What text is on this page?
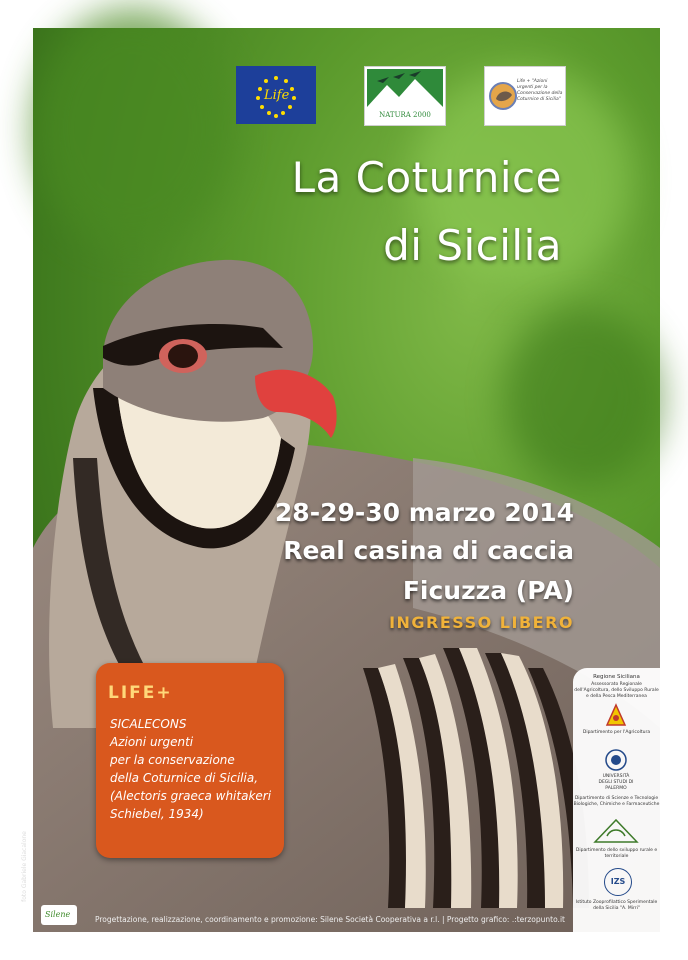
Life
NATURA 2000
Life + "Azioni urgenti per la Conservazione della Coturnice di Sicilia"
La Coturnice
di Sicilia
28-29-30 marzo 2014
Real casina di caccia
Ficuzza (PA)
INGRESSO LIBERO
LIFE+
SICALECONS
Azioni urgenti
per la conservazione
della Coturnice di Sicilia,
(Alectoris graeca whitakeri
Schiebel, 1934)
Regione Siciliana
Assessorato Regionale dell'Agricoltura, dello Sviluppo Rurale e della Pesca Mediterranea
Dipartimento per l'Agricoltura
UNIVERSITÀ DEGLI STUDI DI PALERMO
Dipartimento di Scienze e Tecnologie Biologiche, Chimiche e Farmaceutiche
Dipartimento dello sviluppo rurale e territoriale
IZS
Istituto Zooprofilattico Sperimentale della Sicilia "A. Mirri"
Silene
foto Gabriele Giacalone
Progettazione, realizzazione, coordinamento e promozione: Silene Società Cooperativa a r.l. | Progetto grafico: .:terzopunto.it
